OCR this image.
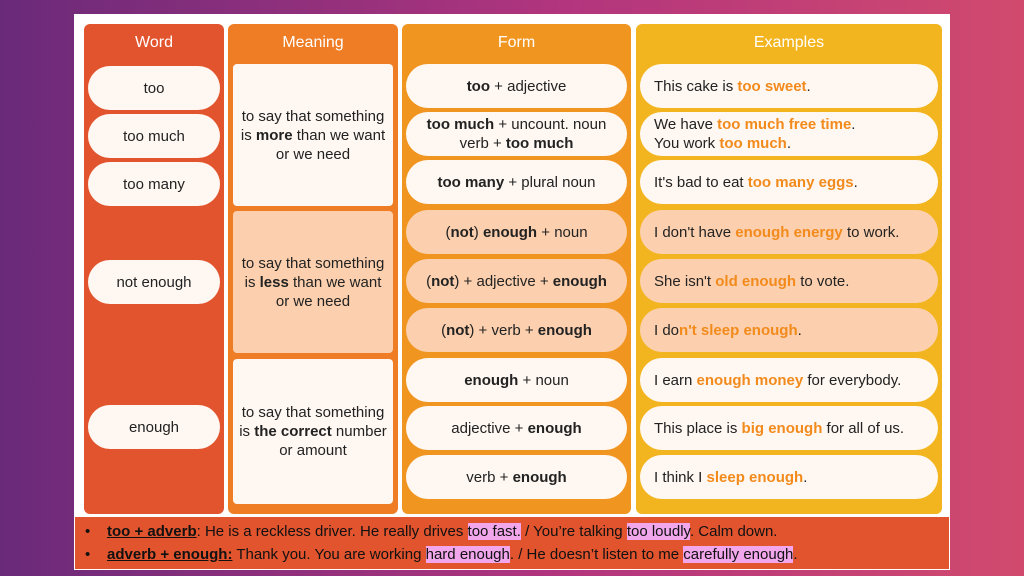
Word
too
too much
too many
not enough
enough
Meaning
to say that something is more than we want or we need
to say that something is less than we want or we need
to say that something is the correct number or amount
Form
too + adjective
too much + uncount. noun verb + too much
too many + plural noun
(not) enough + noun
(not) + adjective + enough
(not) + verb + enough
enough + noun
adjective + enough
verb + enough
Examples
This cake is too sweet.
We have too much free time.
You work too much.
It's bad to eat too many eggs.
I don't have enough energy to work.
She isn't old enough to vote.
I don't sleep enough.
I earn enough money for everybody.
This place is big enough for all of us.
I think I sleep enough.
• too + adverb: He is a reckless driver. He really drives too fast. / You’re talking too loudly. Calm down.
• adverb + enough: Thank you. You are working hard enough. / He doesn’t listen to me carefully enough.
